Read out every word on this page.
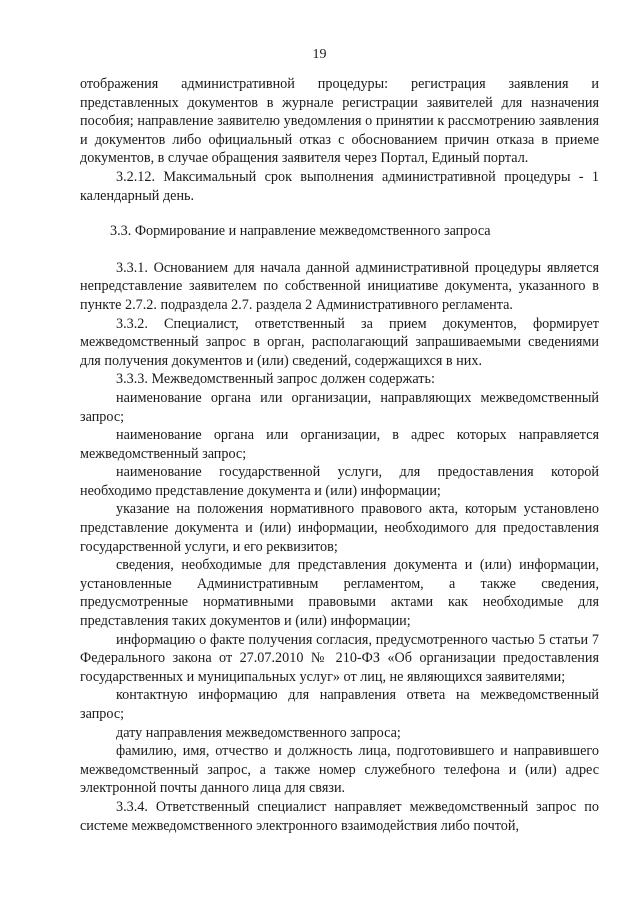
19

отображения административной процедуры: регистрация заявления и представленных документов в журнале регистрации заявителей для назначения пособия; направление заявителю уведомления о принятии к рассмотрению заявления и документов либо официальный отказ с обоснованием причин отказа в приеме документов, в случае обращения заявителя через Портал, Единый портал.

3.2.12. Максимальный срок выполнения административной процедуры - 1 календарный день.

3.3. Формирование и направление межведомственного запроса

3.3.1. Основанием для начала данной административной процедуры является непредставление заявителем по собственной инициативе документа, указанного в пункте 2.7.2. подраздела 2.7. раздела 2 Административного регламента.

3.3.2. Специалист, ответственный за прием документов, формирует межведомственный запрос в орган, располагающий запрашиваемыми сведениями для получения документов и (или) сведений, содержащихся в них.

3.3.3. Межведомственный запрос должен содержать:

наименование органа или организации, направляющих межведомственный запрос;

наименование органа или организации, в адрес которых направляется межведомственный запрос;

наименование государственной услуги, для предоставления которой необходимо представление документа и (или) информации;

указание на положения нормативного правового акта, которым установлено представление документа и (или) информации, необходимого для предоставления государственной услуги, и его реквизитов;

сведения, необходимые для представления документа и (или) информации, установленные Административным регламентом, а также сведения, предусмотренные нормативными правовыми актами как необходимые для представления таких документов и (или) информации;

информацию о факте получения согласия, предусмотренного частью 5 статьи 7 Федерального закона от 27.07.2010 № 210-ФЗ «Об организации предоставления государственных и муниципальных услуг» от лиц, не являющихся заявителями;

контактную информацию для направления ответа на межведомственный запрос;

дату направления межведомственного запроса;

фамилию, имя, отчество и должность лица, подготовившего и направившего межведомственный запрос, а также номер служебного телефона и (или) адрес электронной почты данного лица для связи.

3.3.4. Ответственный специалист направляет межведомственный запрос по системе межведомственного электронного взаимодействия либо почтой,
